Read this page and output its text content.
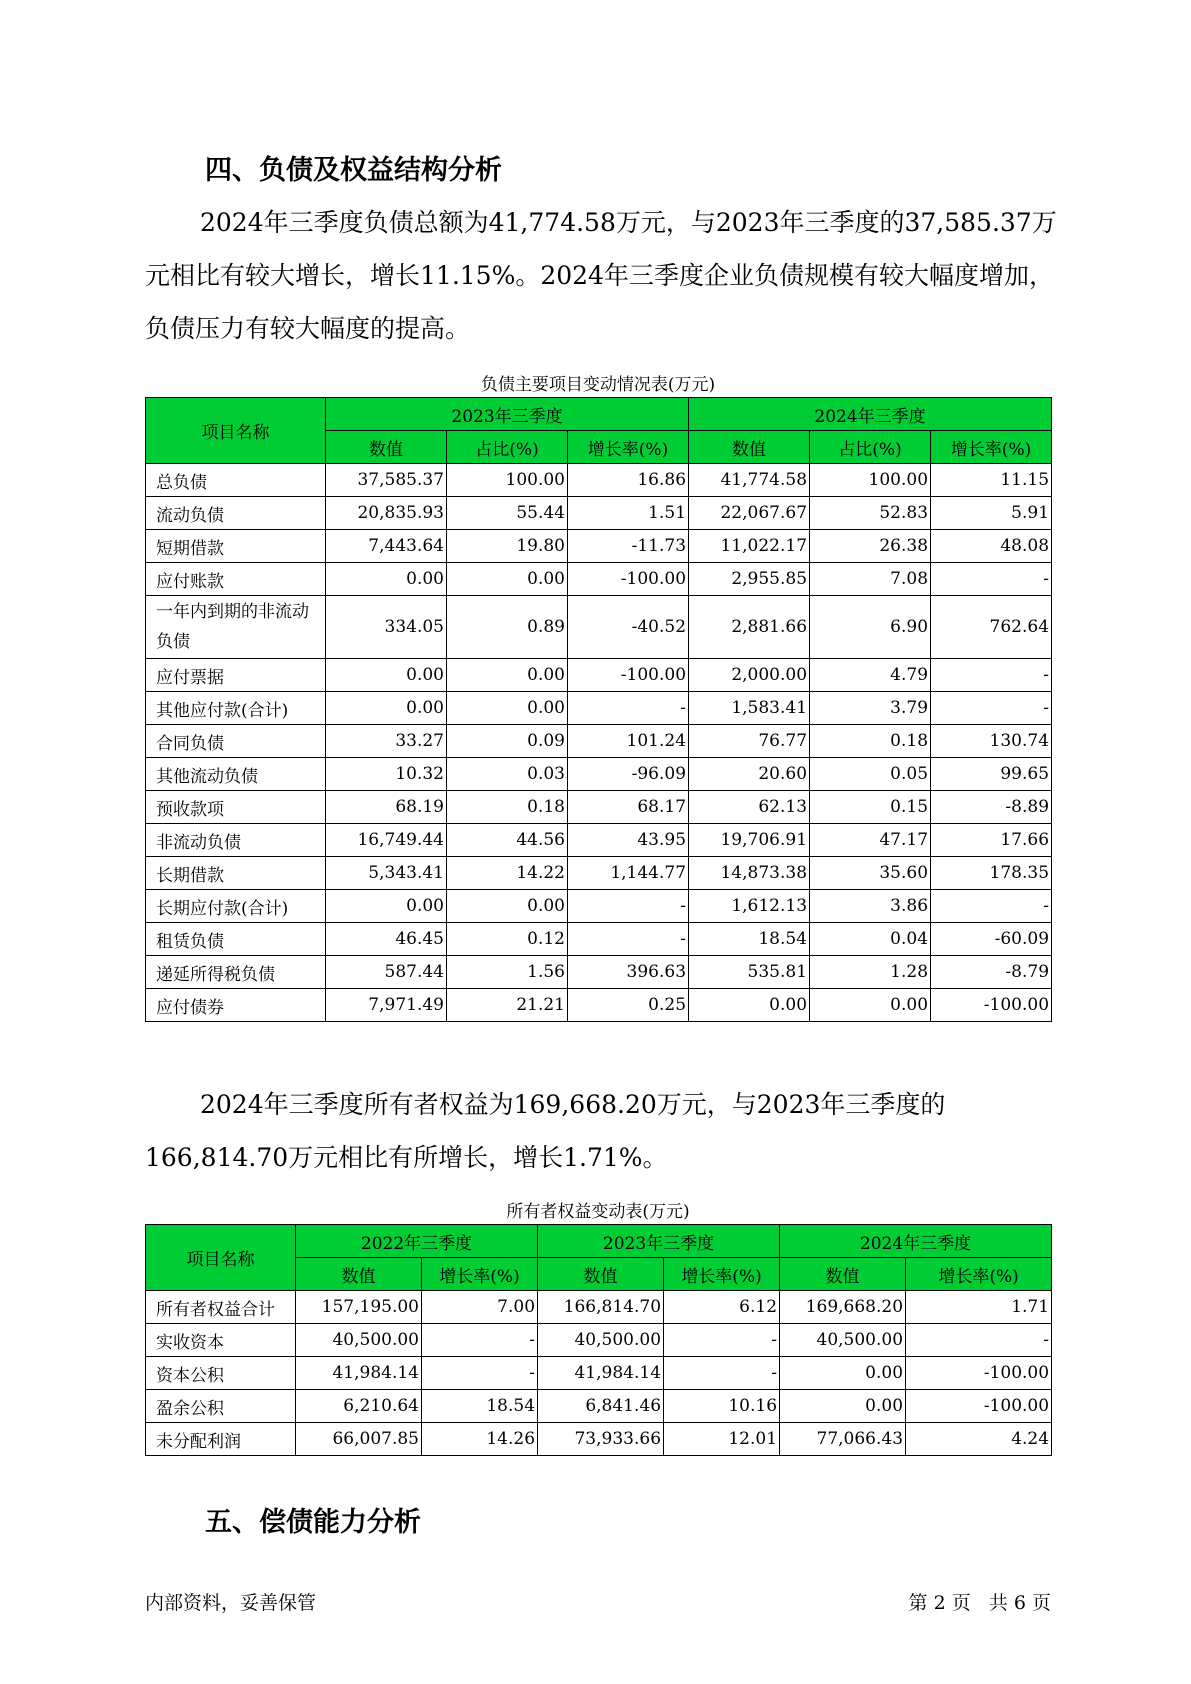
四、负债及权益结构分析

2024年三季度负债总额为41,774.58万元，与2023年三季度的37,585.37万元相比有较大增长，增长11.15%。2024年三季度企业负债规模有较大幅度增加，负债压力有较大幅度的提高。

负债主要项目变动情况表(万元)
项目名称	2023年三季度			2024年三季度		
	数值	占比(%)	增长率(%)	数值	占比(%)	增长率(%)
总负债	37,585.37	100.00	16.86	41,774.58	100.00	11.15
流动负债	20,835.93	55.44	1.51	22,067.67	52.83	5.91
短期借款	7,443.64	19.80	-11.73	11,022.17	26.38	48.08
应付账款	0.00	0.00	-100.00	2,955.85	7.08	-
一年内到期的非流动负债	334.05	0.89	-40.52	2,881.66	6.90	762.64
应付票据	0.00	0.00	-100.00	2,000.00	4.79	-
其他应付款(合计)	0.00	0.00	-	1,583.41	3.79	-
合同负债	33.27	0.09	101.24	76.77	0.18	130.74
其他流动负债	10.32	0.03	-96.09	20.60	0.05	99.65
预收款项	68.19	0.18	68.17	62.13	0.15	-8.89
非流动负债	16,749.44	44.56	43.95	19,706.91	47.17	17.66
长期借款	5,343.41	14.22	1,144.77	14,873.38	35.60	178.35
长期应付款(合计)	0.00	0.00	-	1,612.13	3.86	-
租赁负债	46.45	0.12	-	18.54	0.04	-60.09
递延所得税负债	587.44	1.56	396.63	535.81	1.28	-8.79
应付债券	7,971.49	21.21	0.25	0.00	0.00	-100.00

2024年三季度所有者权益为169,668.20万元，与2023年三季度的166,814.70万元相比有所增长，增长1.71%。

所有者权益变动表(万元)
项目名称	2022年三季度		2023年三季度		2024年三季度	
	数值	增长率(%)	数值	增长率(%)	数值	增长率(%)
所有者权益合计	157,195.00	7.00	166,814.70	6.12	169,668.20	1.71
实收资本	40,500.00	-	40,500.00	-	40,500.00	-
资本公积	41,984.14	-	41,984.14	-	0.00	-100.00
盈余公积	6,210.64	18.54	6,841.46	10.16	0.00	-100.00
未分配利润	66,007.85	14.26	73,933.66	12.01	77,066.43	4.24
五、偿债能力分析
内部资料，妥善保管	第 2 页   共 6 页
